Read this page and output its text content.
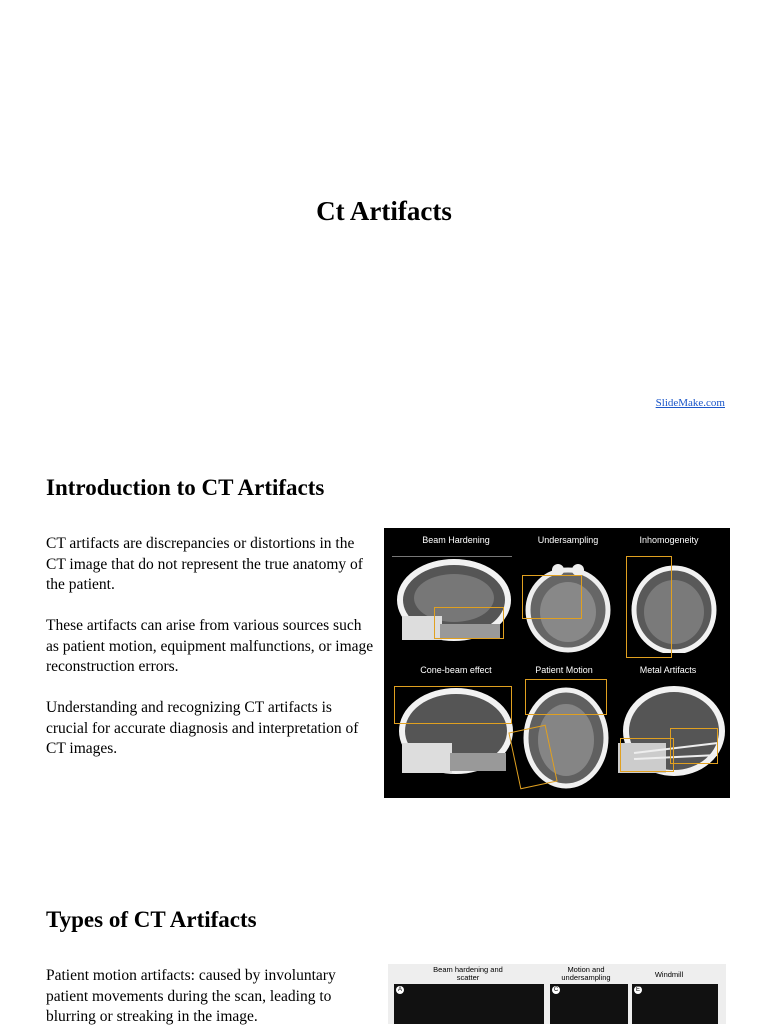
Ct Artifacts
SlideMake.com
Introduction to CT Artifacts

CT artifacts are discrepancies or distortions in the CT image that do not represent the true anatomy of the patient.

These artifacts can arise from various sources such as patient motion, equipment malfunctions, or image reconstruction errors.

Understanding and recognizing CT artifacts is crucial for accurate diagnosis and interpretation of CT images.

Beam Hardening	Undersampling	Inhomogeneity
Cone-beam effect	Patient Motion	Metal Artifacts
Types of CT Artifacts

Patient motion artifacts: caused by involuntary patient movements during the scan, leading to blurring or streaking in the image.

Beam hardening and scatter
Motion and undersampling	Windmill
A	C	E
